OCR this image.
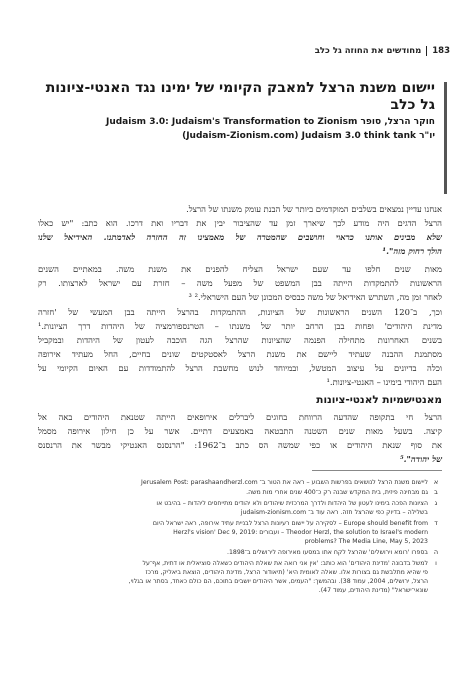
מחודשים את החוזה גל כלב 183
יישום משנת הרצל למאבק הקיומי של ימינו נגד האנטי-ציונות
גל כלב
Judaism 3.0: Judaism's Transformation to Zionism חוקר הרצל, סופר
(Judaism-Zionism.com) Judaism 3.0 think tank יו"ר
אנחנו עדיין נמצאים בשלבים המוקדמים ביותר של הבנת עומק משנתו של הרצל.
הרצל הדגים היה מודע לכך שיארך זמן עד שהציבור יבין את דבריו ואת דרכו. הוא כתב: "יש כאלו
שלא מבינים אותנו כראוי וחושבים שהמטרה של מאמצינו זה החזרה לאדמתנו. האידיאל שלנו
הולך רחוק מזה".¹
מאות שנים חלפו עד שעם ישראל הצליח להפנים את משנת משה. במאתיים השנים
הראשונות להתמקדות הייתה בבן המשפט של מפעל משה – חזרת עם ישראל לארצותו. רק
לאחר זמן מה, השתרש האידיאל של משה כבסיס המכונן של העם הישראלי.² ³
וכך, ב־120 השנים הראשונות של הציונות, ההתמקדות בהרצל הייתה בבן המעשי של 'חזרה
מדינת היהודים' ופחות בבן הרחב יותר של משנתו – הטרנספורמציה של היהדות דרך הציונות.¹
בשנים האחרונות מתחילה הפנמה שהציונות שהרצל הגה הוכבה לעטון של היהדות ובמקביל
מסתמנת ההבנה שעתיד ליישם את משנת הרצל לאסטקטים שונים בחיים, החל מעתיד אירופה
וכלה בדיונים על עיצוב המטשל, ובמיוחד לנוש מחשבת הרצל להתמודדות עם האיום הקיומי על
העם היהודי בימינו – האנטי-ציונות.¹
מאנטישמיות לאנטי-ציונות
הרצל חי בתקופה שהדעה הרווחת בחוגים ליברלים אירופאים הייתה שטנאת היהודים באה אל
קיצה. בשעל מאות שנים השטנה התבטאה באמצעים דתיים. אשר על כן חילון אירופה מסמל
את סוף שנאת היהודים או כפי שמשה הס כתב ב־1962: "הרנסנס האנטיקי מבשר את הרנסנס
של יהודה".⁵
א
ליישום משנת הרצל לנושאים בפרשות השבוע – ראה את הטור ב־ Jerusalem Post: parashaandherzl.com
ב
גם מבחינה פיזית, בית המקדש שבנה רק כ־400 שנים אחרי מות משה.
ג
הציונות הפכה בימינו לעטון של היהדות ולדרך המרכזית שיהודים ולא יהודים מתייחסים ליהדות – בהיבט או
בשלילה – בדיוק כפי שהרצל חזה. ראה עוד ב־ judaism-zionism.com
ד
Europe should benefit from – לסקירה על יישום רעיונות הרצל לבניית עתיד אירופה, ראה ישראל היום
Theodor Herzl, the solution to Israel's modern – ועבורים :Herzl's vision' Dec 9, 2019
problems? The Media Line, May 5, 2023
ה
בספרו 'רומא וירושלים' שהרצל לקח אתו במסעו מאירופה לירושלים ב־1898.
ו
למשל בדבונה 'מדינת היהודים' הוא כותב: 'אין אני רואה את שאלת היהודים כשאלה סוציאלית או דתית, אף־על
פי שהיא מתלבשת גם בצורות אלו. שאלה לאומית היא' (תיאודור הרצל, מדינת היהודים, הוצאת ביאליק, מרכז
הרצל, ירושלים, 2004, עמוד 38). ובהמשך: "העמים, אשר היהודים יושבים בתוכם, הם כולם כאחד, בסתר או בגלוי,
שונאי־ישראל" (מדינת היהודים, עמוד 47).
